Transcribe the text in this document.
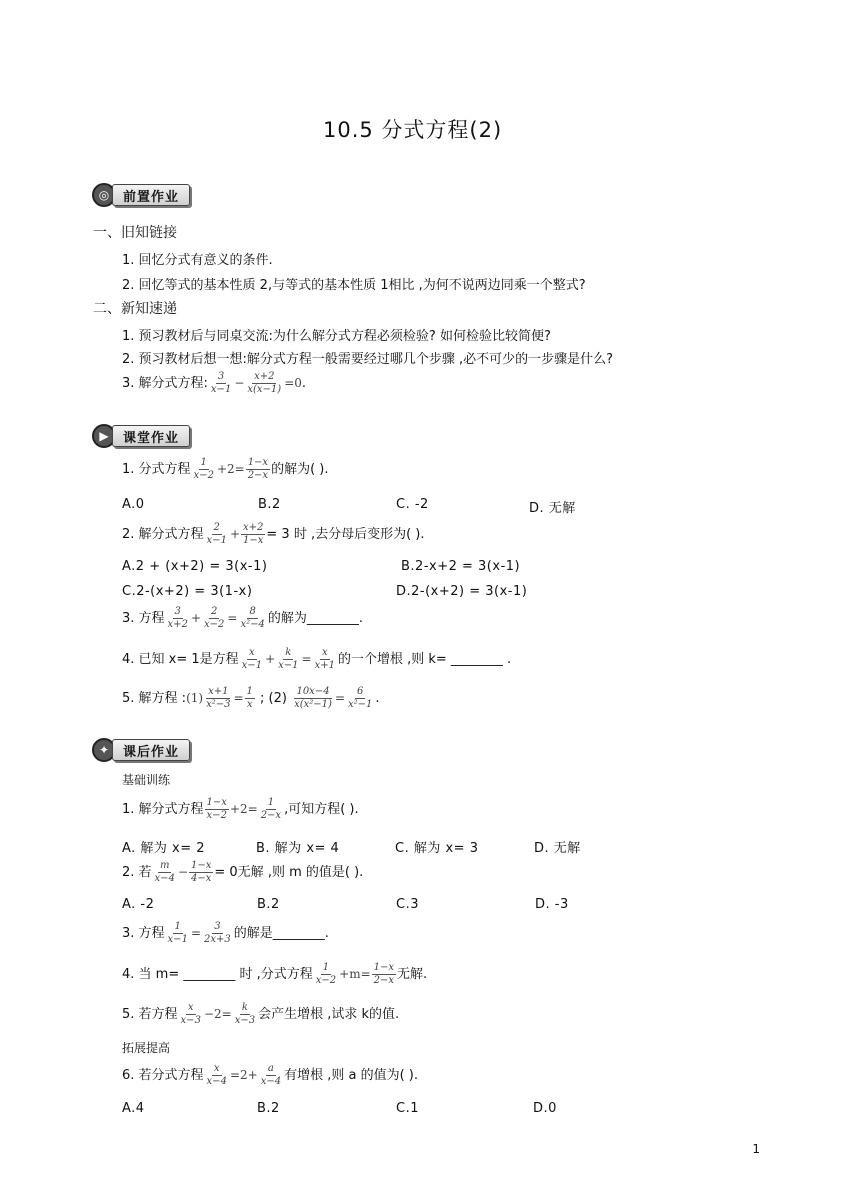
10.5 分式方程(2)
◎	前置作业
一、旧知链接
1. 回忆分式有意义的条件.
2. 回忆等式的基本性质 2,与等式的基本性质 1相比 ,为何不说两边同乘一个整式?
二、新知速递
1. 预习教材后与同桌交流:为什么解分式方程必须检验? 如何检验比较简便?
2. 预习教材后想一想:解分式方程一般需要经过哪几个步骤 ,必不可少的一步骤是什么?
3. 解分式方程: $\frac{3}{x-1} - \frac{x+2}{x(x-1)} =0$.
▶	课堂作业
1. 分式方程 $\frac{1}{x-2} +2= \frac{1-x}{2-x}$ 的解为( ).
A.0	B.2	C. -2	D. 无解
2. 解分式方程 $\frac{2}{x-1} + \frac{x+2}{1-x} = 3$ 时 ,去分母后变形为( ).
A.2 + (x+2) = 3(x-1)	B.2-x+2 = 3(x-1)
C.2-(x+2) = 3(1-x)	D.2-(x+2) = 3(x-1)
3. 方程 $\frac{3}{x+2} + \frac{2}{x-2} = \frac{8}{\text{x²−4}}$ 的解为________.
4. 已知 x= 1是方程 $\frac{x}{x-1} + \frac{k}{x-1} = \frac{x}{x+1}$ 的一个增根 ,则 k= ________ .
5. 解方程 :(1) $\frac{x+1}{\text{x²−3}} = \frac{1}{x}$ ; $(2) \frac{10x-4}{\text{x(x²−1)}} = \frac{6}{\text{x²−1}}$ .
✦	课后作业
基础训练
1. 解分式方程 $\frac{1-x}{x-2} +2= \frac{1}{2-x}$ ,可知方程( ).
A. 解为 x= 2	B. 解为 x= 4	C. 解为 x= 3	D. 无解
2. 若 $\frac{m}{x-4} - \frac{1-x}{4-x} = 0$无解 ,则 m 的值是( ).
A. -2	B.2	C.3	D. -3
3. 方程 $\frac{1}{x-1} = \frac{3}{2x+3}$ 的解是________.
4. 当 m= ________ 时 ,分式方程 $\frac{1}{x-2} +m= \frac{1-x}{2-x}$ 无解.
5. 若方程 $\frac{x}{x-3} -2= \frac{k}{x-3}$ 会产生增根 ,试求 k的值.
拓展提高
6. 若分式方程 $\frac{x}{x-4} =2+ \frac{a}{x-4}$ 有增根 ,则 a 的值为( ).
A.4	B.2	C.1	D.0
1
